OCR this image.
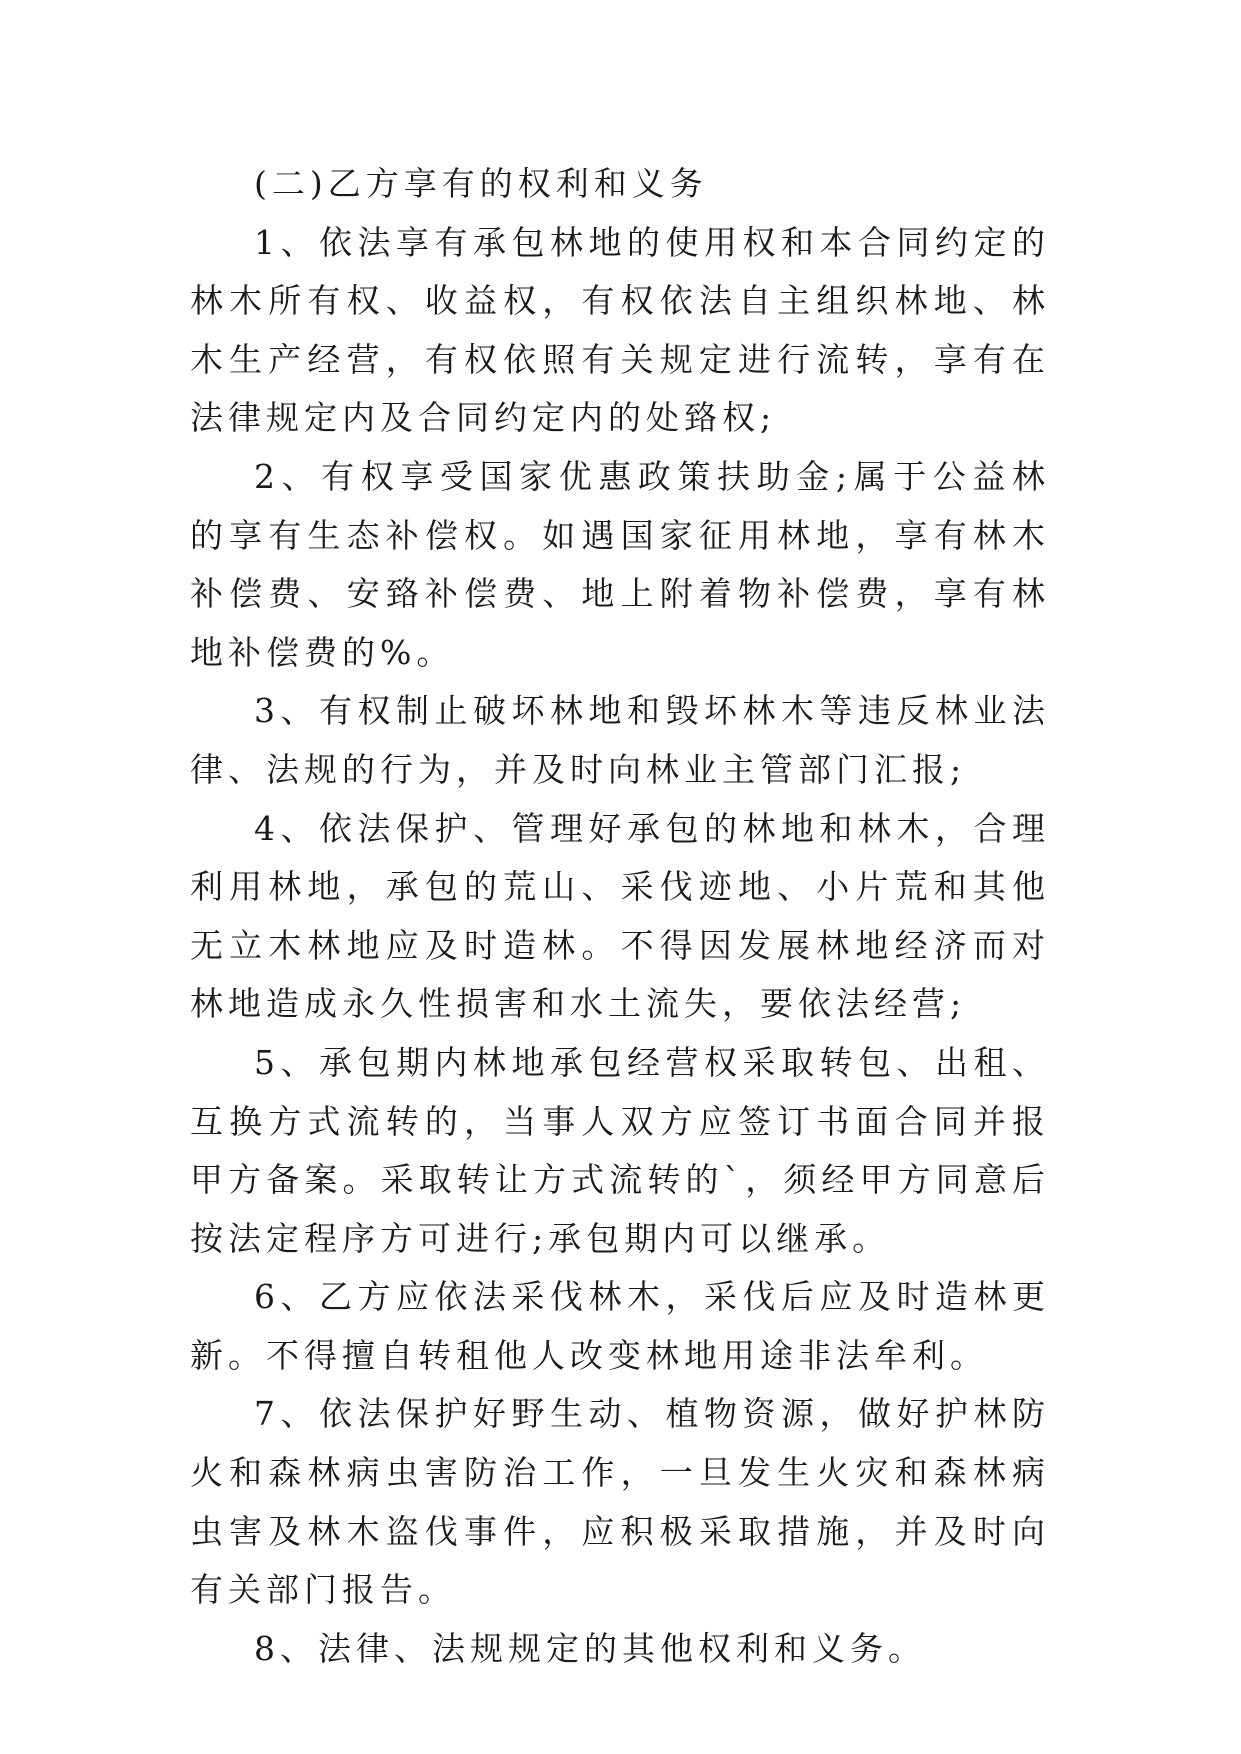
(二)乙方享有的权利和义务

1、依法享有承包林地的使用权和本合同约定的林木所有权、收益权，有权依法自主组织林地、林木生产经营，有权依照有关规定进行流转，享有在法律规定内及合同约定内的处臵权;

2、有权享受国家优惠政策扶助金;属于公益林的享有生态补偿权。如遇国家征用林地，享有林木补偿费、安臵补偿费、地上附着物补偿费，享有林地补偿费的%。

3、有权制止破坏林地和毁坏林木等违反林业法律、法规的行为，并及时向林业主管部门汇报;

4、依法保护、管理好承包的林地和林木，合理利用林地，承包的荒山、采伐迹地、小片荒和其他无立木林地应及时造林。不得因发展林地经济而对林地造成永久性损害和水土流失，要依法经营;

5、承包期内林地承包经营权采取转包、出租、互换方式流转的，当事人双方应签订书面合同并报甲方备案。采取转让方式流转的`，须经甲方同意后按法定程序方可进行;承包期内可以继承。

6、乙方应依法采伐林木，采伐后应及时造林更新。不得擅自转租他人改变林地用途非法牟利。

7、依法保护好野生动、植物资源，做好护林防火和森林病虫害防治工作，一旦发生火灾和森林病虫害及林木盗伐事件，应积极采取措施，并及时向有关部门报告。

8、法律、法规规定的其他权利和义务。
